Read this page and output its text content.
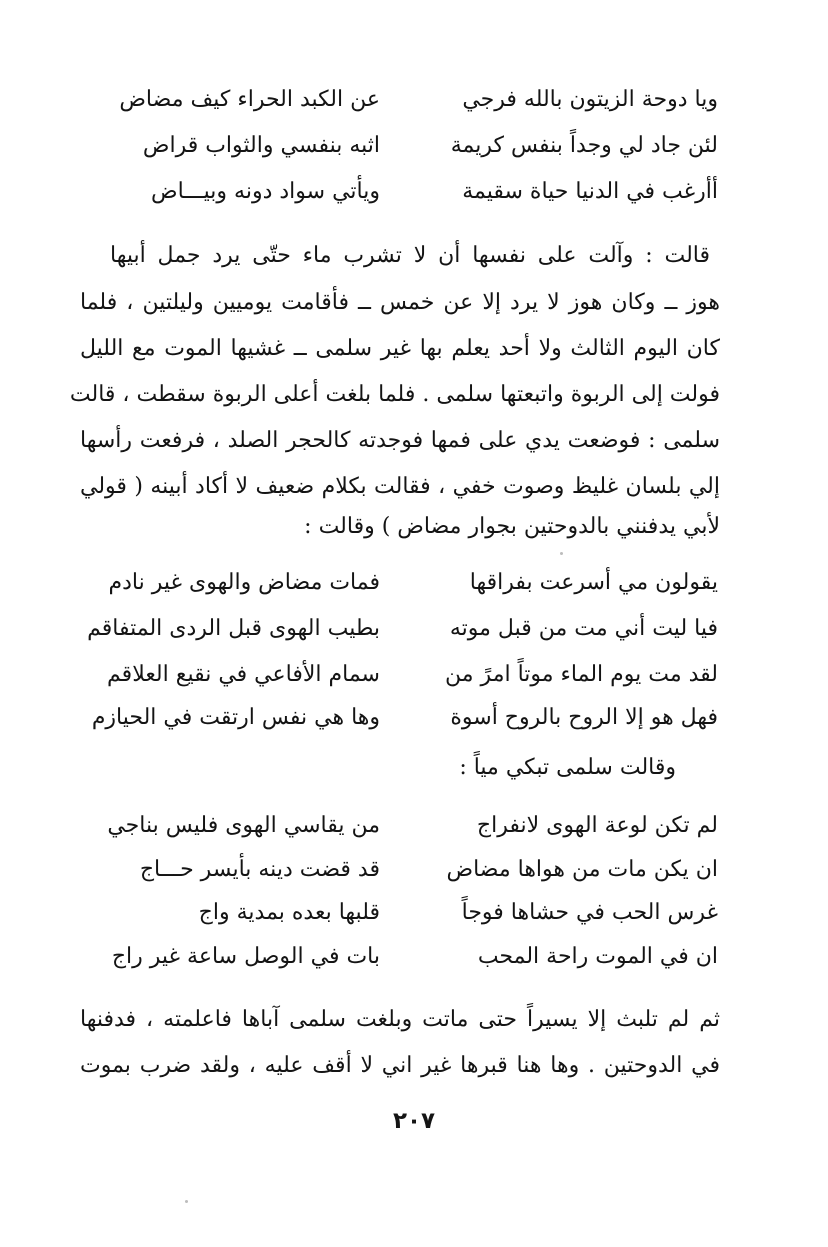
ويا دوحة الزيتون بالله فرجي
عن الكبد الحراء كيف مضاض
لئن جاد لي وجداً بنفس كريمة
اثبه بنفسي والثواب قراض
أأرغب في الدنيا حياة سقيمة
ويأتي سواد دونه وبيـــاض
قالت : وآلت على نفسها أن لا تشرب ماء حتّى يرد جمل أبيها
هوز ــ وكان هوز لا يرد إلا عن خمس ــ فأقامت يوميين وليلتين ، فلما
كان اليوم الثالث ولا أحد يعلم بها غير سلمى ــ غشيها الموت مع الليل
فولت إلى الربوة واتبعتها سلمى . فلما بلغت أعلى الربوة سقطت ، قالت
سلمى : فوضعت يدي على فمها فوجدته كالحجر الصلد ، فرفعت رأسها
إلي بلسان غليظ وصوت خفي ، فقالت بكلام ضعيف لا أكاد أبينه ( قولي
لأبي يدفنني بالدوحتين بجوار مضاض ) وقالت :
يقولون مي أسرعت بفراقها
فمات مضاض والهوى غير نادم
فيا ليت أني مت من قبل موته
بطيب الهوى قبل الردى المتفاقم
لقد مت يوم الماء موتاً امرً من
سمام الأفاعي في نقيع العلاقم
فهل هو إلا الروح بالروح أسوة
وها هي نفس ارتقت في الحيازم
وقالت سلمى تبكي مياً :
لم تكن لوعة الهوى لانفراج
من يقاسي الهوى فليس بناجي
ان يكن مات من هواها مضاض
قد قضت دينه بأيسر حـــاج
غرس الحب في حشاها فوجاً
قلبها بعده بمدية واج
ان في الموت راحة المحب
بات في الوصل ساعة غير راج
ثم لم تلبث إلا يسيراً حتى ماتت وبلغت سلمى آباها فاعلمته ، فدفنها
في الدوحتين . وها هنا قبرها غير اني لا أقف عليه ، ولقد ضرب بموت
٢٠٧
